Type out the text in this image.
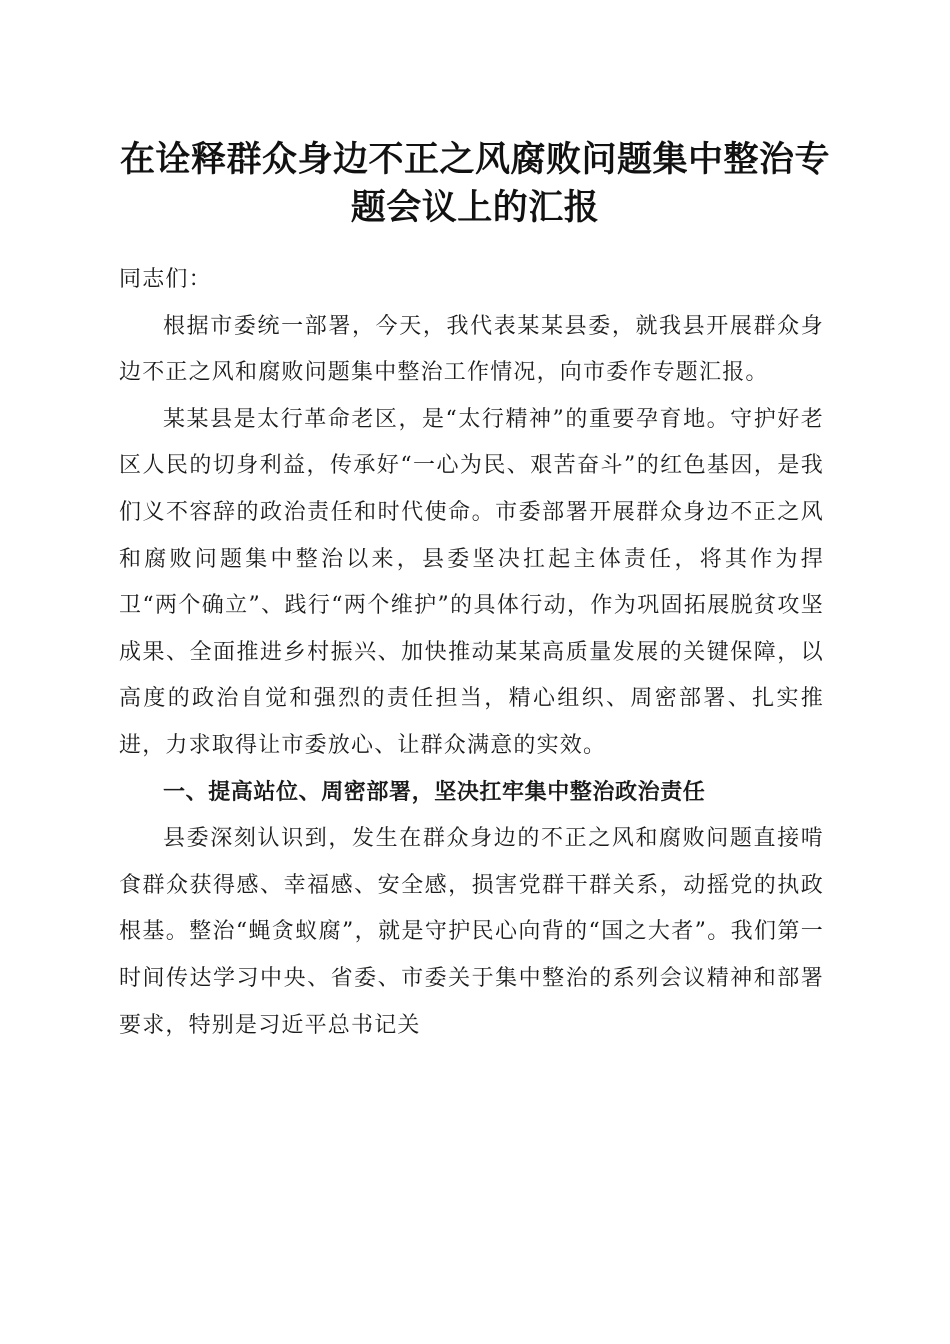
在诠释群众身边不正之风腐败问题集中整治专
题会议上的汇报

同志们：

根据市委统一部署，今天，我代表某某县委，就我县开展群众身边不正之风和腐败问题集中整治工作情况，向市委作专题汇报。

某某县是太行革命老区，是“太行精神”的重要孕育地。守护好老区人民的切身利益，传承好“一心为民、艰苦奋斗”的红色基因，是我们义不容辞的政治责任和时代使命。市委部署开展群众身边不正之风和腐败问题集中整治以来，县委坚决扛起主体责任，将其作为捍卫“两个确立”、践行“两个维护”的具体行动，作为巩固拓展脱贫攻坚成果、全面推进乡村振兴、加快推动某某高质量发展的关键保障，以高度的政治自觉和强烈的责任担当，精心组织、周密部署、扎实推进，力求取得让市委放心、让群众满意的实效。

一、提高站位、周密部署，坚决扛牢集中整治政治责任

县委深刻认识到，发生在群众身边的不正之风和腐败问题直接啃食群众获得感、幸福感、安全感，损害党群干群关系，动摇党的执政根基。整治“蝇贪蚁腐”，就是守护民心向背的“国之大者”。我们第一时间传达学习中央、省委、市委关于集中整治的系列会议精神和部署要求，特别是习近平总书记关
